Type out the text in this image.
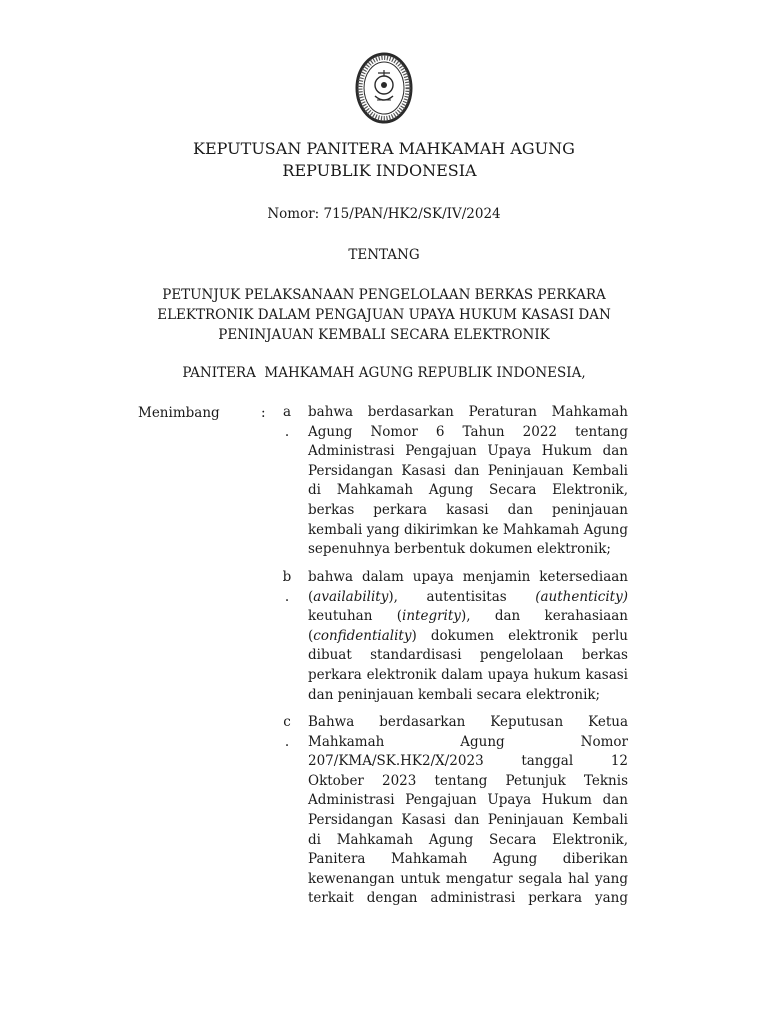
KEPUTUSAN PANITERA MAHKAMAH AGUNG
REPUBLIK INDONESIA
Nomor: 715/PAN/HK2/SK/IV/2024
TENTANG
PETUNJUK PELAKSANAAN PENGELOLAAN BERKAS PERKARA
ELEKTRONIK DALAM PENGAJUAN UPAYA HUKUM KASASI DAN
PENINJAUAN KEMBALI SECARA ELEKTRONIK
PANITERA  MAHKAMAH AGUNG REPUBLIK INDONESIA,
Menimbang	: a
.
bahwa berdasarkan Peraturan Mahkamah
Agung Nomor 6 Tahun 2022 tentang
Administrasi Pengajuan Upaya Hukum dan
Persidangan Kasasi dan Peninjauan Kembali
di Mahkamah Agung Secara Elektronik,
berkas perkara kasasi dan peninjauan
kembali yang dikirimkan ke Mahkamah Agung
sepenuhnya berbentuk dokumen elektronik;
b
.
bahwa dalam upaya menjamin ketersediaan
(availability), autentisitas (authenticity)
keutuhan (integrity), dan kerahasiaan
(confidentiality) dokumen elektronik perlu
dibuat standardisasi pengelolaan berkas
perkara elektronik dalam upaya hukum kasasi
dan peninjauan kembali secara elektronik;
c
.
Bahwa berdasarkan Keputusan Ketua
Mahkamah	Agung	Nomor
207/KMA/SK.HK2/X/2023	tanggal	12
Oktober 2023 tentang Petunjuk Teknis
Administrasi Pengajuan Upaya Hukum dan
Persidangan Kasasi dan Peninjauan Kembali
di Mahkamah Agung Secara Elektronik,
Panitera Mahkamah Agung diberikan
kewenangan untuk mengatur segala hal yang
terkait dengan administrasi perkara yang
